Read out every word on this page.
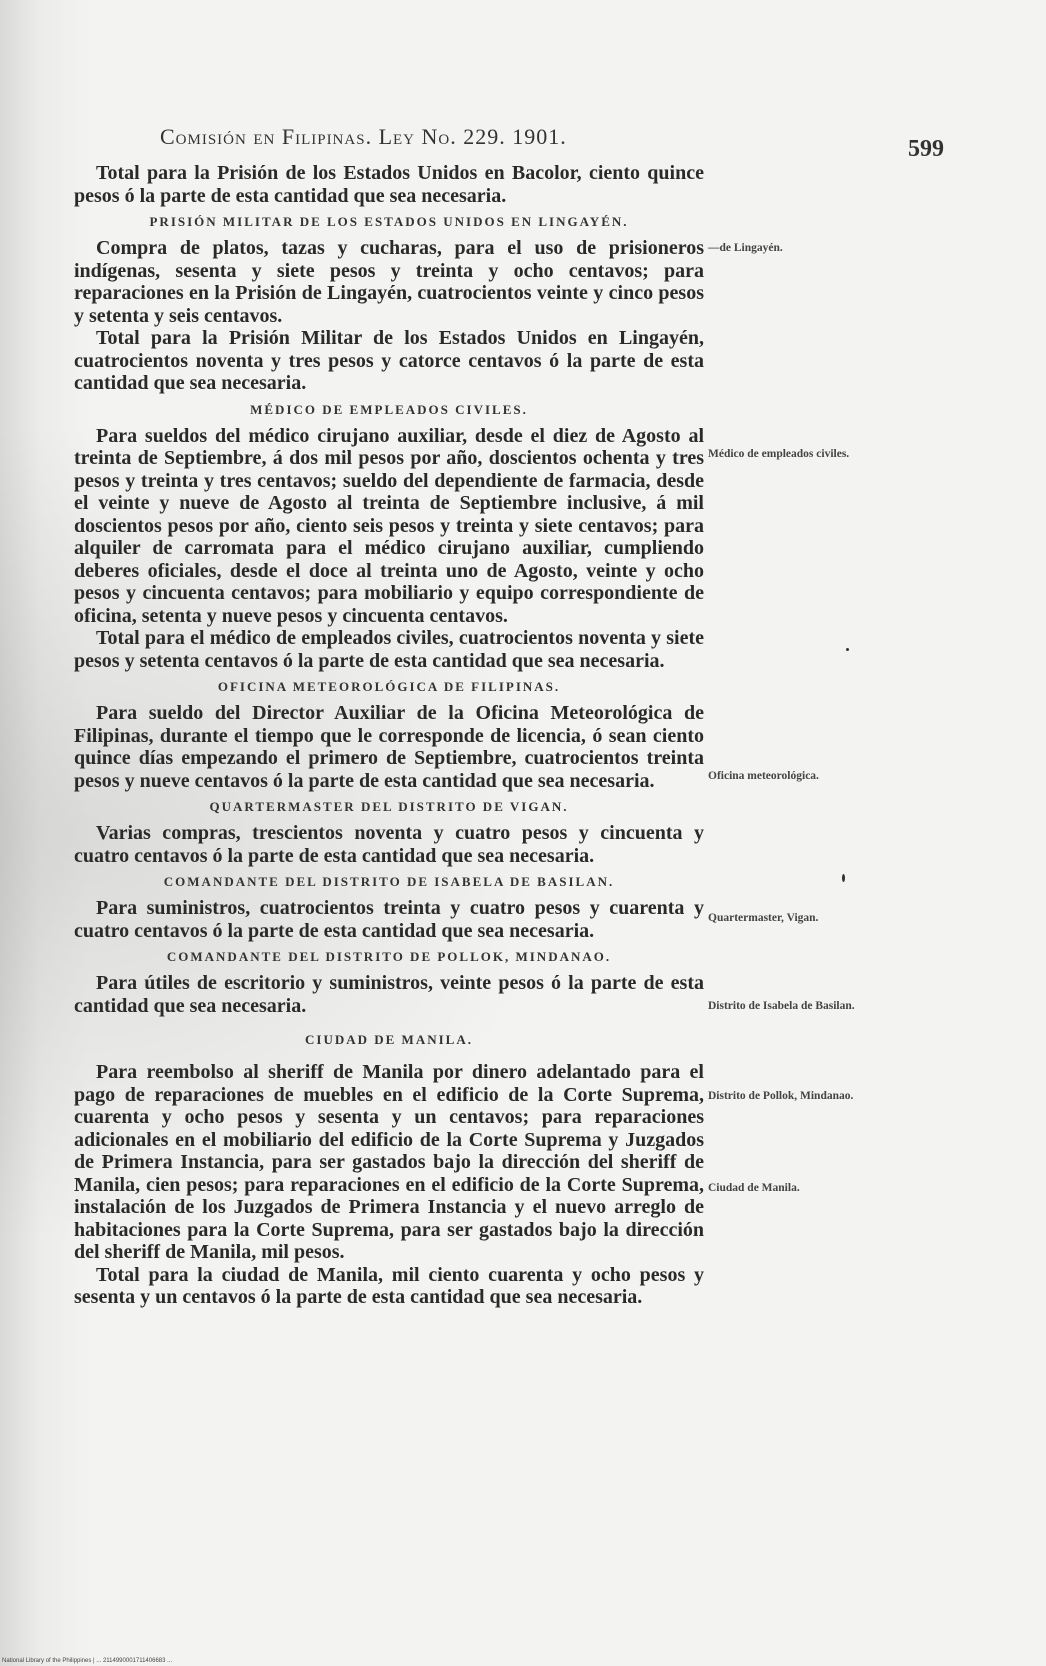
Comisión en Filipinas. Ley No. 229. 1901.	599

Total para la Prisión de los Estados Unidos en Bacolor, ciento quince pesos ó la parte de esta cantidad que sea necesaria.

PRISIÓN MILITAR DE LOS ESTADOS UNIDOS EN LINGAYÉN.

Compra de platos, tazas y cucharas, para el uso de prisioneros indígenas, sesenta y siete pesos y treinta y ocho centavos; para reparaciones en la Prisión de Lingayén, cuatrocientos veinte y cinco pesos y setenta y seis centavos.

Total para la Prisión Militar de los Estados Unidos en Lingayén, cuatrocientos noventa y tres pesos y catorce centavos ó la parte de esta cantidad que sea necesaria.

MÉDICO DE EMPLEADOS CIVILES.

Para sueldos del médico cirujano auxiliar, desde el diez de Agosto al treinta de Septiembre, á dos mil pesos por año, doscientos ochenta y tres pesos y treinta y tres centavos; sueldo del dependiente de farmacia, desde el veinte y nueve de Agosto al treinta de Septiembre inclusive, á mil doscientos pesos por año, ciento seis pesos y treinta y siete centavos; para alquiler de carromata para el médico cirujano auxiliar, cumpliendo deberes oficiales, desde el doce al treinta uno de Agosto, veinte y ocho pesos y cincuenta centavos; para mobiliario y equipo correspondiente de oficina, setenta y nueve pesos y cincuenta centavos.

Total para el médico de empleados civiles, cuatrocientos noventa y siete pesos y setenta centavos ó la parte de esta cantidad que sea necesaria.

OFICINA METEOROLÓGICA DE FILIPINAS.

Para sueldo del Director Auxiliar de la Oficina Meteorológica de Filipinas, durante el tiempo que le corresponde de licencia, ó sean ciento quince días empezando el primero de Septiembre, cuatrocientos treinta pesos y nueve centavos ó la parte de esta cantidad que sea necesaria.

QUARTERMASTER DEL DISTRITO DE VIGAN.

Varias compras, trescientos noventa y cuatro pesos y cincuenta y cuatro centavos ó la parte de esta cantidad que sea necesaria.

COMANDANTE DEL DISTRITO DE ISABELA DE BASILAN.

Para suministros, cuatrocientos treinta y cuatro pesos y cuarenta y cuatro centavos ó la parte de esta cantidad que sea necesaria.

COMANDANTE DEL DISTRITO DE POLLOK, MINDANAO.

Para útiles de escritorio y suministros, veinte pesos ó la parte de esta cantidad que sea necesaria.

CIUDAD DE MANILA.

Para reembolso al sheriff de Manila por dinero adelantado para el pago de reparaciones de muebles en el edificio de la Corte Suprema, cuarenta y ocho pesos y sesenta y un centavos; para reparaciones adicionales en el mobiliario del edificio de la Corte Suprema y Juzgados de Primera Instancia, para ser gastados bajo la dirección del sheriff de Manila, cien pesos; para reparaciones en el edificio de la Corte Suprema, instalación de los Juzgados de Primera Instancia y el nuevo arreglo de habitaciones para la Corte Suprema, para ser gastados bajo la dirección del sheriff de Manila, mil pesos.

Total para la ciudad de Manila, mil ciento cuarenta y ocho pesos y sesenta y un centavos ó la parte de esta cantidad que sea necesaria.

—de Lingayén.
Médico de empleados civiles.
Oficina meteorológica.
Quartermaster, Vigan.
Distrito de Isabela de Basilan.
Distrito de Pollok, Mindanao.
Ciudad de Manila.
National Library of the Philippines | ... 2114990001711406683 ...
